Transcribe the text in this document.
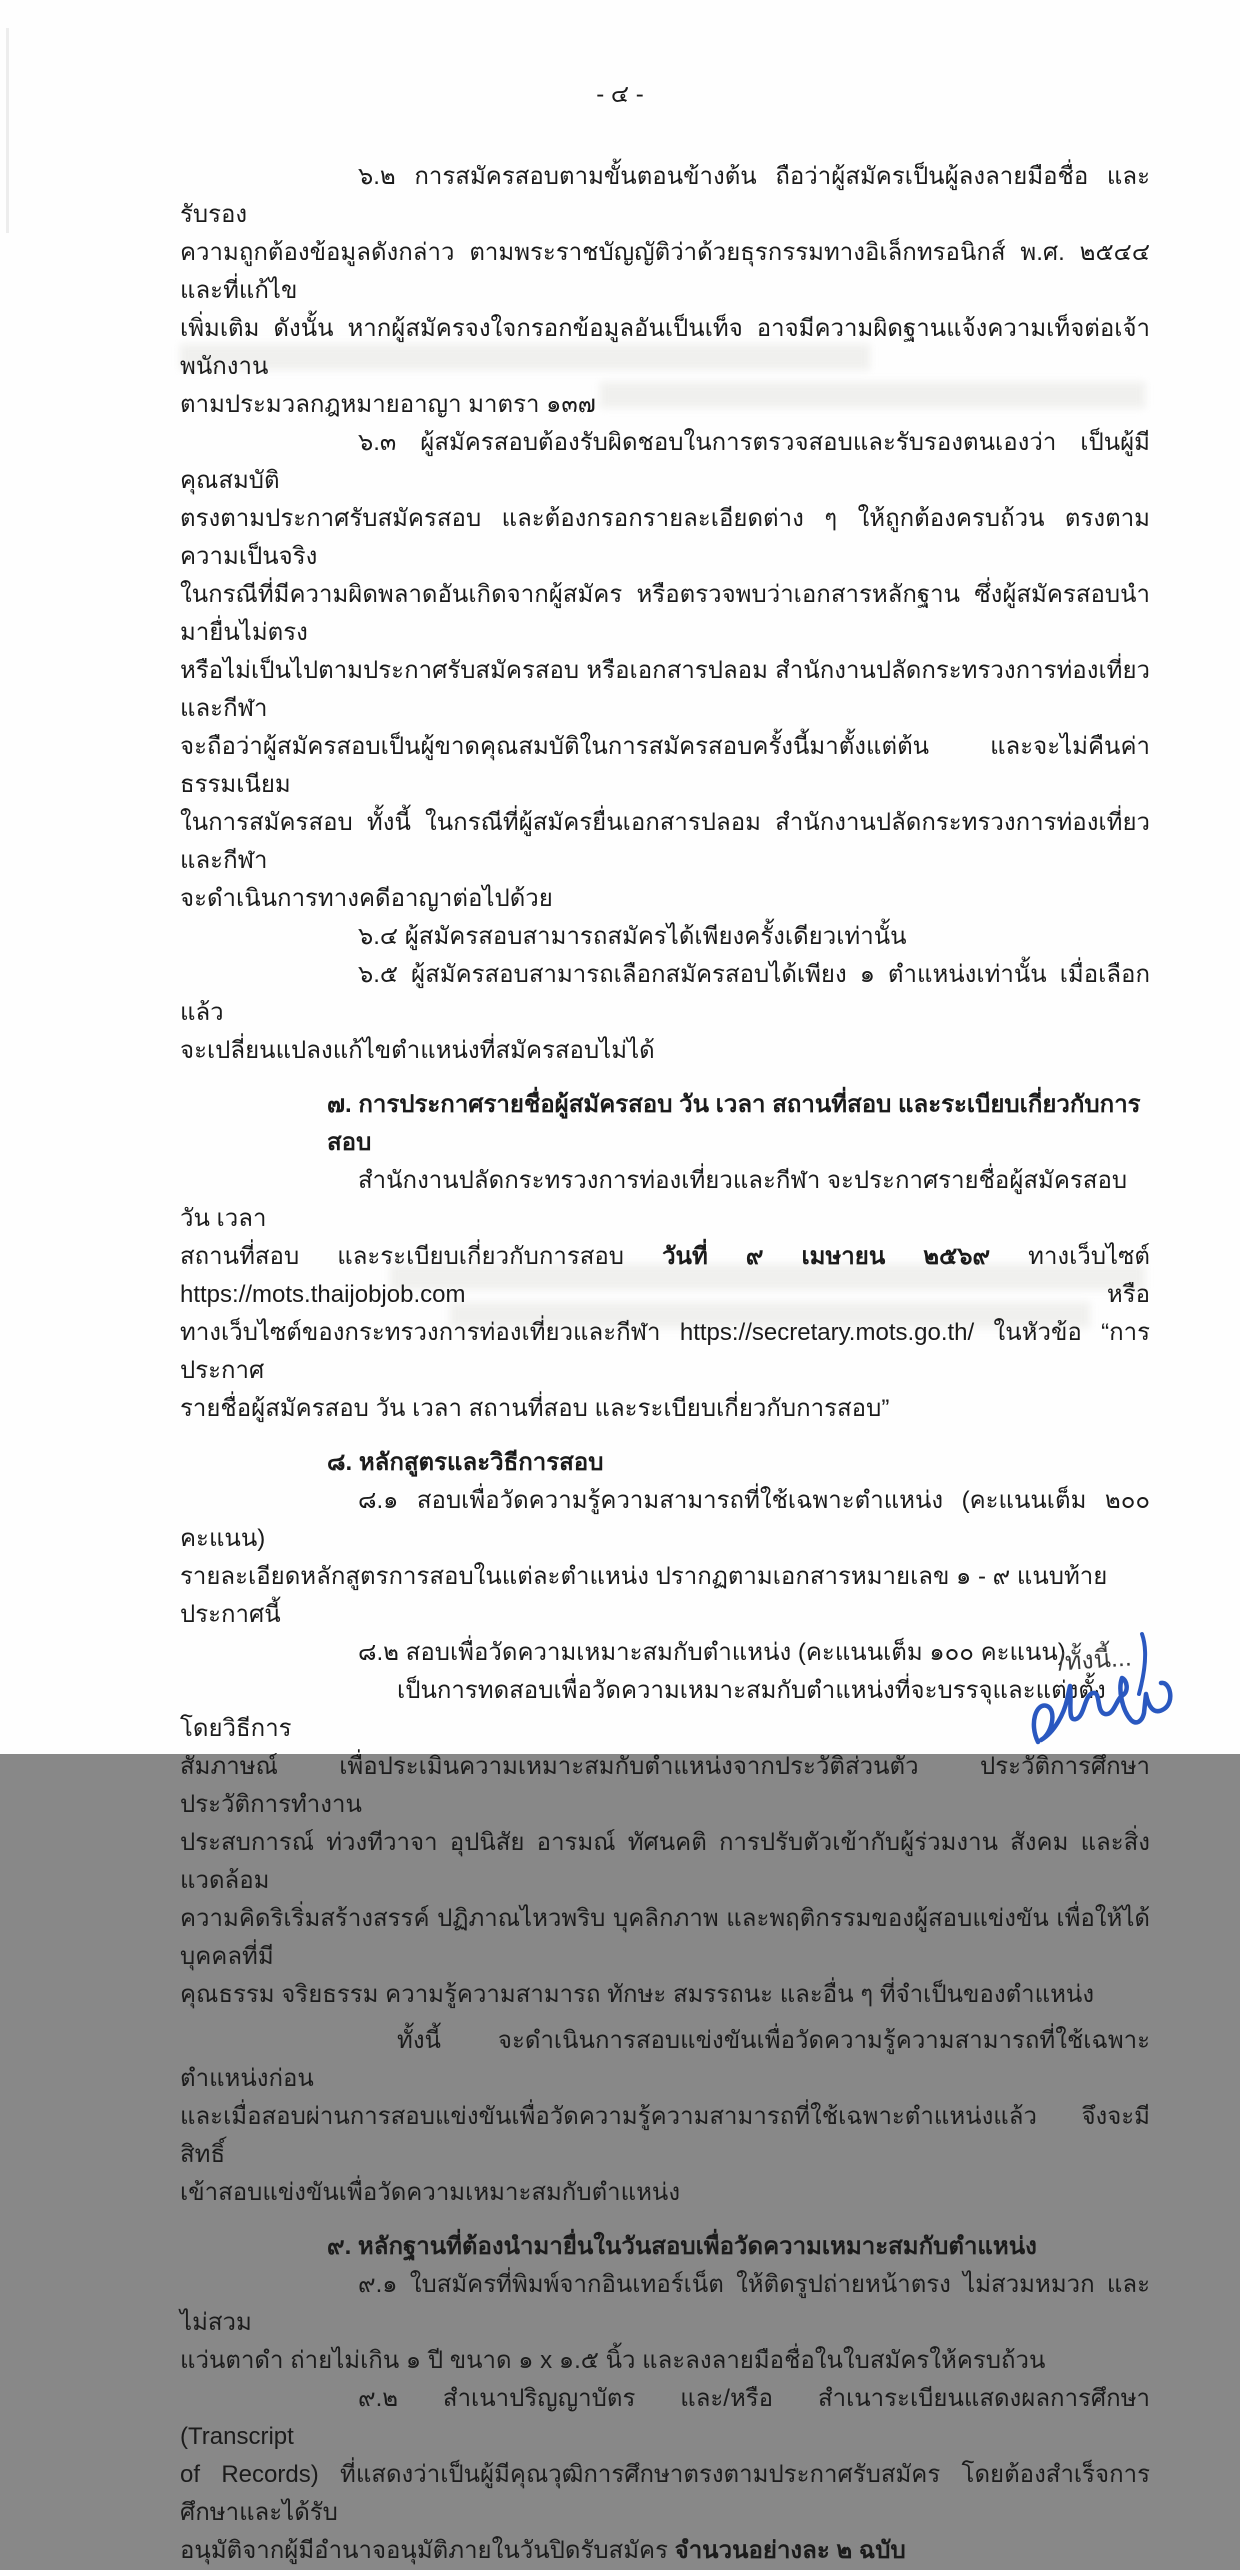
- ๔ -
๖.๒ การสมัครสอบตามขั้นตอนข้างต้น ถือว่าผู้สมัครเป็นผู้ลงลายมือชื่อ และรับรอง
ความถูกต้องข้อมูลดังกล่าว ตามพระราชบัญญัติว่าด้วยธุรกรรมทางอิเล็กทรอนิกส์ พ.ศ. ๒๕๔๔ และที่แก้ไข
เพิ่มเติม ดังนั้น หากผู้สมัครจงใจกรอกข้อมูลอันเป็นเท็จ อาจมีความผิดฐานแจ้งความเท็จต่อเจ้าพนักงาน
ตามประมวลกฎหมายอาญา มาตรา ๑๓๗
๖.๓ ผู้สมัครสอบต้องรับผิดชอบในการตรวจสอบและรับรองตนเองว่า เป็นผู้มีคุณสมบัติ
ตรงตามประกาศรับสมัครสอบ และต้องกรอกรายละเอียดต่าง ๆ ให้ถูกต้องครบถ้วน ตรงตามความเป็นจริง
ในกรณีที่มีความผิดพลาดอันเกิดจากผู้สมัคร หรือตรวจพบว่าเอกสารหลักฐาน ซึ่งผู้สมัครสอบนำมายื่นไม่ตรง
หรือไม่เป็นไปตามประกาศรับสมัครสอบ หรือเอกสารปลอม สำนักงานปลัดกระทรวงการท่องเที่ยวและกีฬา
จะถือว่าผู้สมัครสอบเป็นผู้ขาดคุณสมบัติในการสมัครสอบครั้งนี้มาตั้งแต่ต้น และจะไม่คืนค่าธรรมเนียม
ในการสมัครสอบ ทั้งนี้ ในกรณีที่ผู้สมัครยื่นเอกสารปลอม สำนักงานปลัดกระทรวงการท่องเที่ยวและกีฬา
จะดำเนินการทางคดีอาญาต่อไปด้วย
๖.๔ ผู้สมัครสอบสามารถสมัครได้เพียงครั้งเดียวเท่านั้น
๖.๕ ผู้สมัครสอบสามารถเลือกสมัครสอบได้เพียง ๑ ตำแหน่งเท่านั้น เมื่อเลือกแล้ว
จะเปลี่ยนแปลงแก้ไขตำแหน่งที่สมัครสอบไม่ได้
๗. การประกาศรายชื่อผู้สมัครสอบ วัน เวลา สถานที่สอบ และระเบียบเกี่ยวกับการสอบ
สำนักงานปลัดกระทรวงการท่องเที่ยวและกีฬา จะประกาศรายชื่อผู้สมัครสอบ วัน เวลา
สถานที่สอบ และระเบียบเกี่ยวกับการสอบ วันที่ ๙ เมษายน ๒๕๖๙ ทางเว็บไซต์ https://mots.thaijobjob.com หรือ
ทางเว็บไซต์ของกระทรวงการท่องเที่ยวและกีฬา https://secretary.mots.go.th/ ในหัวข้อ “การประกาศ
รายชื่อผู้สมัครสอบ วัน เวลา สถานที่สอบ และระเบียบเกี่ยวกับการสอบ”
๘. หลักสูตรและวิธีการสอบ
๘.๑ สอบเพื่อวัดความรู้ความสามารถที่ใช้เฉพาะตำแหน่ง (คะแนนเต็ม ๒๐๐ คะแนน)
รายละเอียดหลักสูตรการสอบในแต่ละตำแหน่ง ปรากฏตามเอกสารหมายเลข ๑ - ๙ แนบท้ายประกาศนี้
๘.๒ สอบเพื่อวัดความเหมาะสมกับตำแหน่ง (คะแนนเต็ม ๑๐๐ คะแนน)
เป็นการทดสอบเพื่อวัดความเหมาะสมกับตำแหน่งที่จะบรรจุและแต่งตั้ง โดยวิธีการ
สัมภาษณ์ เพื่อประเมินความเหมาะสมกับตำแหน่งจากประวัติส่วนตัว ประวัติการศึกษา ประวัติการทำงาน
ประสบการณ์ ท่วงทีวาจา อุปนิสัย อารมณ์ ทัศนคติ การปรับตัวเข้ากับผู้ร่วมงาน สังคม และสิ่งแวดล้อม
ความคิดริเริ่มสร้างสรรค์ ปฏิภาณไหวพริบ บุคลิกภาพ และพฤติกรรมของผู้สอบแข่งขัน เพื่อให้ได้บุคคลที่มี
คุณธรรม จริยธรรม ความรู้ความสามารถ ทักษะ สมรรถนะ และอื่น ๆ ที่จำเป็นของตำแหน่ง
ทั้งนี้ จะดำเนินการสอบแข่งขันเพื่อวัดความรู้ความสามารถที่ใช้เฉพาะตำแหน่งก่อน
และเมื่อสอบผ่านการสอบแข่งขันเพื่อวัดความรู้ความสามารถที่ใช้เฉพาะตำแหน่งแล้ว จึงจะมีสิทธิ์
เข้าสอบแข่งขันเพื่อวัดความเหมาะสมกับตำแหน่ง
๙. หลักฐานที่ต้องนำมายื่นในวันสอบเพื่อวัดความเหมาะสมกับตำแหน่ง
๙.๑ ใบสมัครที่พิมพ์จากอินเทอร์เน็ต ให้ติดรูปถ่ายหน้าตรง ไม่สวมหมวก และไม่สวม
แว่นตาดำ ถ่ายไม่เกิน ๑ ปี ขนาด ๑ x ๑.๕ นิ้ว และลงลายมือชื่อในใบสมัครให้ครบถ้วน
๙.๒ สำเนาปริญญาบัตร และ/หรือ สำเนาระเบียนแสดงผลการศึกษา (Transcript
of Records) ที่แสดงว่าเป็นผู้มีคุณวุฒิการศึกษาตรงตามประกาศรับสมัคร โดยต้องสำเร็จการศึกษาและได้รับ
อนุมัติจากผู้มีอำนาจอนุมัติภายในวันปิดรับสมัคร จำนวนอย่างละ ๒ ฉบับ
/ทั้งนี้...
